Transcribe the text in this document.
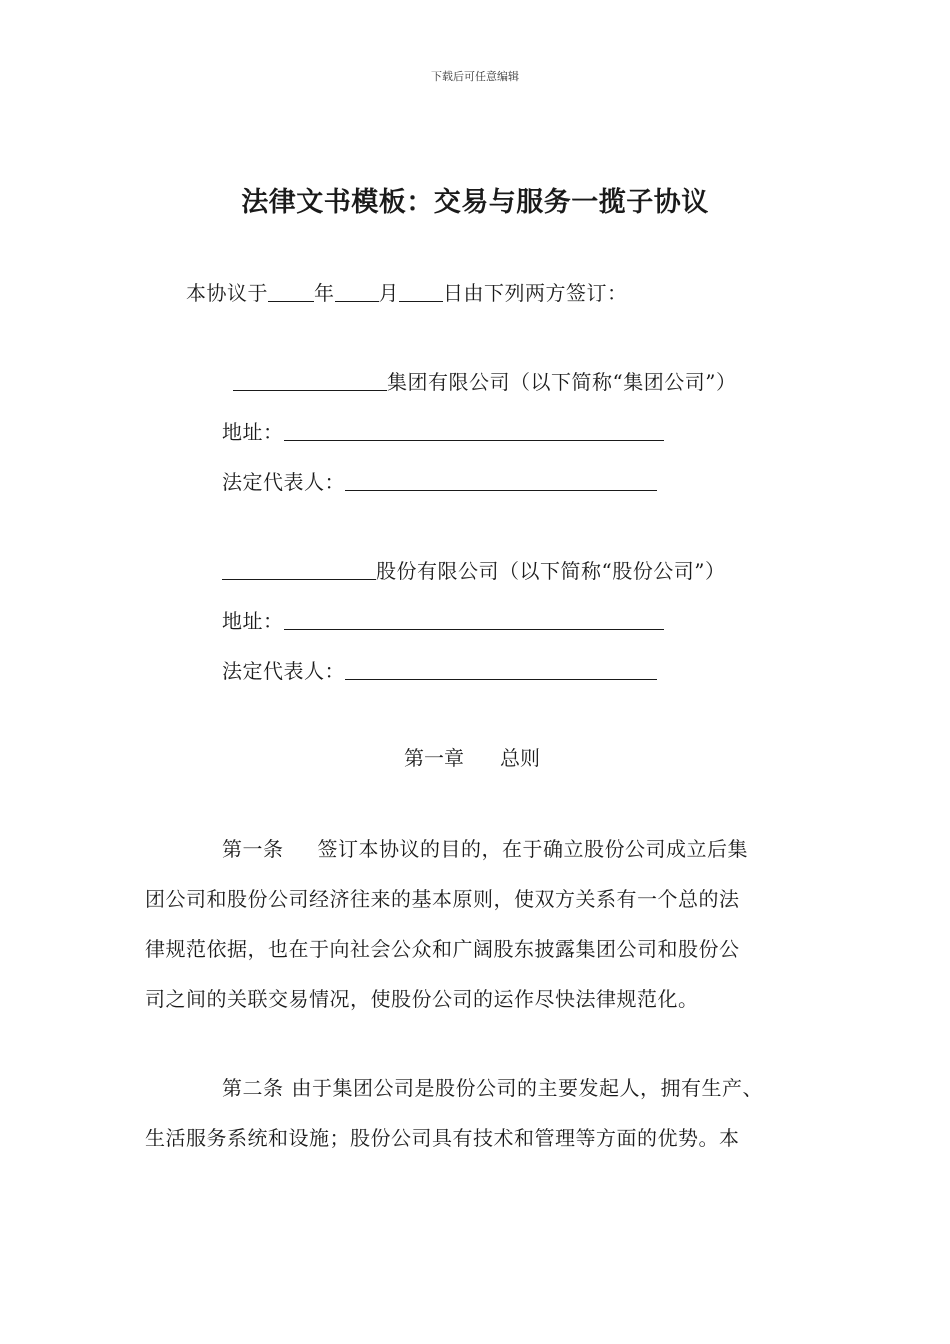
下载后可任意编辑
法律文书模板：交易与服务一揽子协议
本协议于 年 月 日由下列两方签订：
集团有限公司（以下简称“集团公司”）
地址：
法定代表人：
股份有限公司（以下简称“股份公司”）
地址：
法定代表人：
第一章 总则
第一条 签订本协议的目的，在于确立股份公司成立后集
团公司和股份公司经济往来的基本原则，使双方关系有一个总的法
律规范依据，也在于向社会公众和广阔股东披露集团公司和股份公
司之间的关联交易情况，使股份公司的运作尽快法律规范化。
第二条 由于集团公司是股份公司的主要发起人，拥有生产、
生活服务系统和设施；股份公司具有技术和管理等方面的优势。本
